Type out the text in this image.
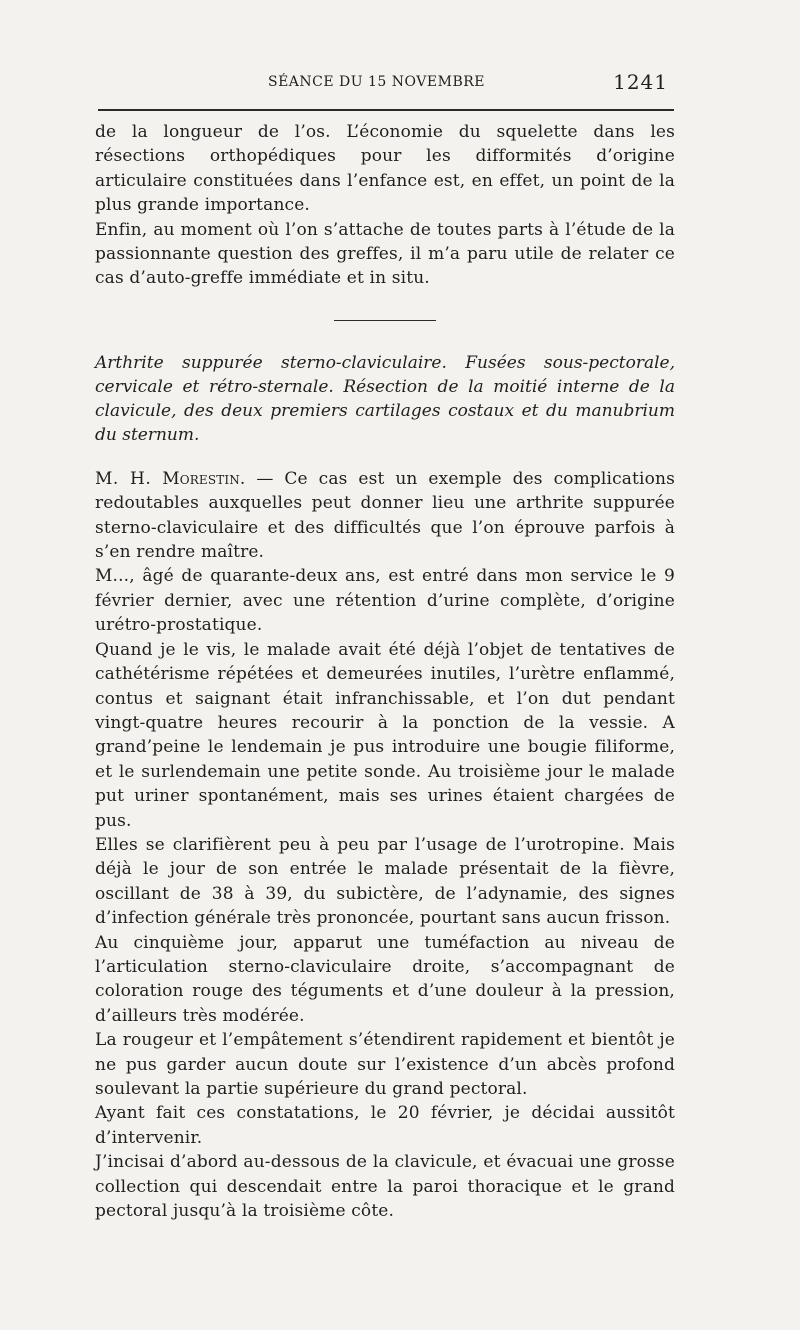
SÉANCE DU 15 NOVEMBRE	1241

de la longueur de l’os. L’économie du squelette dans les résections orthopédiques pour les difformités d’origine articulaire constituées dans l’enfance est, en effet, un point de la plus grande importance.

Enfin, au moment où l’on s’attache de toutes parts à l’étude de la passionnante question des greffes, il m’a paru utile de relater ce cas d’auto-greffe immédiate et in situ.

Arthrite suppurée sterno-claviculaire. Fusées sous-pectorale, cervicale et rétro-sternale. Résection de la moitié interne de la clavicule, des deux premiers cartilages costaux et du manubrium du sternum.

M. H. Morestin. — Ce cas est un exemple des complications redoutables auxquelles peut donner lieu une arthrite suppurée sterno-claviculaire et des difficultés que l’on éprouve parfois à s’en rendre maître.

M..., âgé de quarante-deux ans, est entré dans mon service le 9 février dernier, avec une rétention d’urine complète, d’origine urétro-prostatique.

Quand je le vis, le malade avait été déjà l’objet de tentatives de cathétérisme répétées et demeurées inutiles, l’urètre enflammé, contus et saignant était infranchissable, et l’on dut pendant vingt-quatre heures recourir à la ponction de la vessie. A grand’peine le lendemain je pus introduire une bougie filiforme, et le surlendemain une petite sonde. Au troisième jour le malade put uriner spontanément, mais ses urines étaient chargées de pus.

Elles se clarifièrent peu à peu par l’usage de l’urotropine. Mais déjà le jour de son entrée le malade présentait de la fièvre, oscillant de 38 à 39, du subictère, de l’adynamie, des signes d’infection générale très prononcée, pourtant sans aucun frisson.

Au cinquième jour, apparut une tuméfaction au niveau de l’articulation sterno-claviculaire droite, s’accompagnant de coloration rouge des téguments et d’une douleur à la pression, d’ailleurs très modérée.

La rougeur et l’empâtement s’étendirent rapidement et bientôt je ne pus garder aucun doute sur l’existence d’un abcès profond soulevant la partie supérieure du grand pectoral.

Ayant fait ces constatations, le 20 février, je décidai aussitôt d’intervenir.

J’incisai d’abord au-dessous de la clavicule, et évacuai une grosse collection qui descendait entre la paroi thoracique et le grand pectoral jusqu’à la troisième côte.
